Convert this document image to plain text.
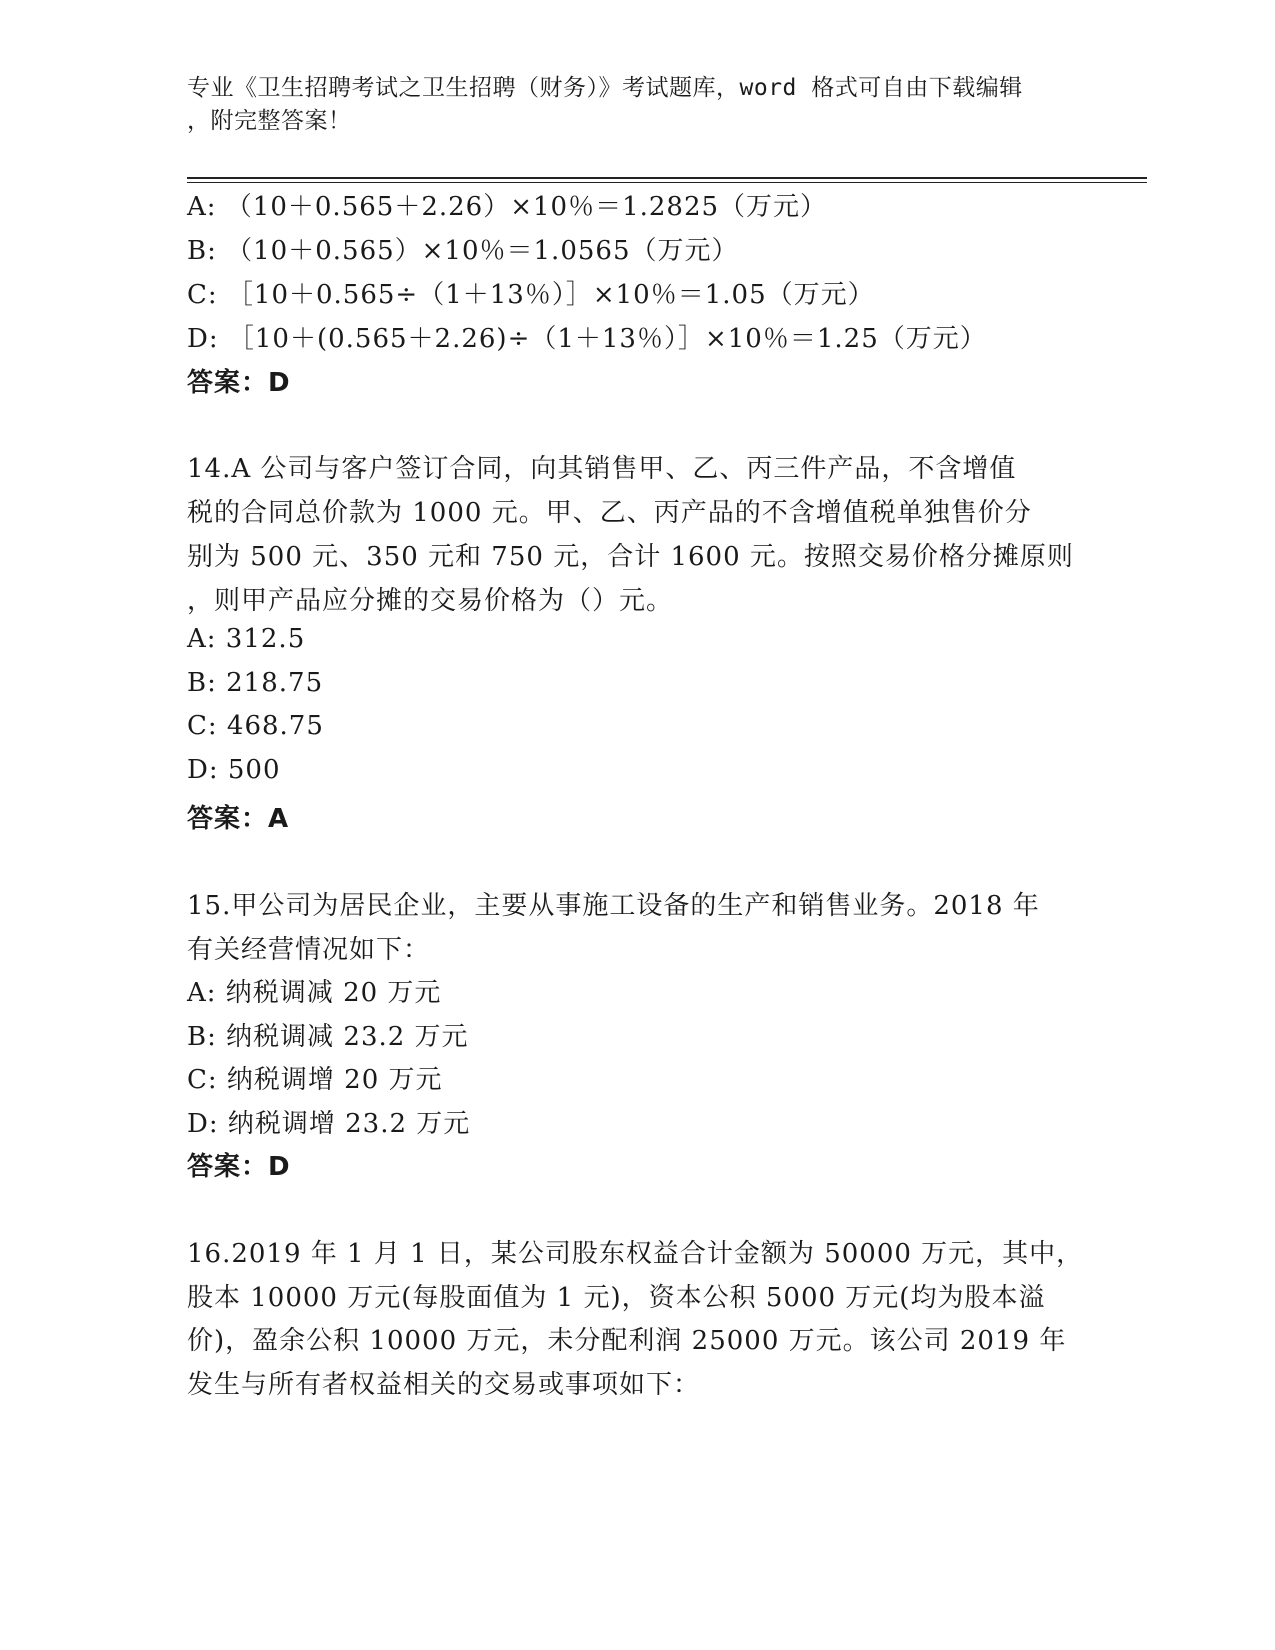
专业《卫生招聘考试之卫生招聘（财务）》考试题库，word 格式可自由下载编辑
，附完整答案！
A: （10＋0.565＋2.26）×10％＝1.2825（万元）
B: （10＋0.565）×10％＝1.0565（万元）
C: ［10＋0.565÷（1＋13％）］×10％＝1.05（万元）
D: ［10＋(0.565＋2.26)÷（1＋13％）］×10％＝1.25（万元）
答案：D
14.A 公司与客户签订合同，向其销售甲、乙、丙三件产品，不含增值
税的合同总价款为 1000 元。甲、乙、丙产品的不含增值税单独售价分
别为 500 元、350 元和 750 元，合计 1600 元。按照交易价格分摊原则
，则甲产品应分摊的交易价格为（）元。
A: 312.5
B: 218.75
C: 468.75
D: 500
答案：A
15.甲公司为居民企业，主要从事施工设备的生产和销售业务。2018 年
有关经营情况如下：
A: 纳税调减 20 万元
B: 纳税调减 23.2 万元
C: 纳税调增 20 万元
D: 纳税调增 23.2 万元
答案：D
16.2019 年 1 月 1 日，某公司股东权益合计金额为 50000 万元，其中，
股本 10000 万元(每股面值为 1 元)，资本公积 5000 万元(均为股本溢
价)，盈余公积 10000 万元，未分配利润 25000 万元。该公司 2019 年
发生与所有者权益相关的交易或事项如下：
